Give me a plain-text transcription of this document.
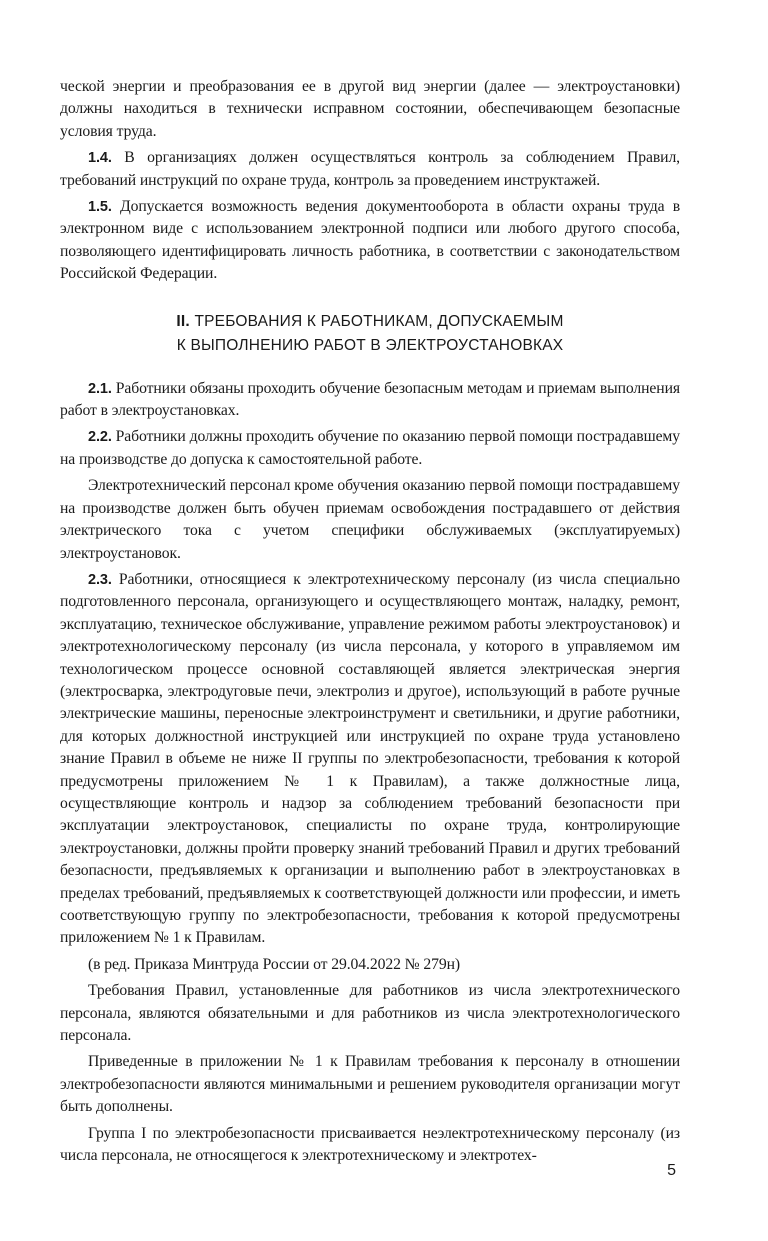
ческой энергии и преобразования ее в другой вид энергии (далее — электроустановки) должны находиться в технически исправном состоянии, обеспечивающем безопасные условия труда.

1.4. В организациях должен осуществляться контроль за соблюдением Правил, требований инструкций по охране труда, контроль за проведением инструктажей.

1.5. Допускается возможность ведения документооборота в области охраны труда в электронном виде с использованием электронной подписи или любого другого способа, позволяющего идентифицировать личность работника, в соответствии с законодательством Российской Федерации.

II. ТРЕБОВАНИЯ К РАБОТНИКАМ, ДОПУСКАЕМЫМ
К ВЫПОЛНЕНИЮ РАБОТ В ЭЛЕКТРОУСТАНОВКАХ

2.1. Работники обязаны проходить обучение безопасным методам и приемам выполнения работ в электроустановках.

2.2. Работники должны проходить обучение по оказанию первой помощи пострадавшему на производстве до допуска к самостоятельной работе.

Электротехнический персонал кроме обучения оказанию первой помощи пострадавшему на производстве должен быть обучен приемам освобождения пострадавшего от действия электрического тока с учетом специфики обслуживаемых (эксплуатируемых) электроустановок.

2.3. Работники, относящиеся к электротехническому персоналу (из числа специально подготовленного персонала, организующего и осуществляющего монтаж, наладку, ремонт, эксплуатацию, техническое обслуживание, управление режимом работы электроустановок) и электротехнологическому персоналу (из числа персонала, у которого в управляемом им технологическом процессе основной составляющей является электрическая энергия (электросварка, электродуговые печи, электролиз и другое), использующий в работе ручные электрические машины, переносные электроинструмент и светильники, и другие работники, для которых должностной инструкцией или инструкцией по охране труда установлено знание Правил в объеме не ниже II группы по электробезопасности, требования к которой предусмотрены приложением № 1 к Правилам), а также должностные лица, осуществляющие контроль и надзор за соблюдением требований безопасности при эксплуатации электроустановок, специалисты по охране труда, контролирующие электроустановки, должны пройти проверку знаний требований Правил и других требований безопасности, предъявляемых к организации и выполнению работ в электроустановках в пределах требований, предъявляемых к соответствующей должности или профессии, и иметь соответствующую группу по электробезопасности, требования к которой предусмотрены приложением № 1 к Правилам.

(в ред. Приказа Минтруда России от 29.04.2022 № 279н)

Требования Правил, установленные для работников из числа электротехнического персонала, являются обязательными и для работников из числа электротехнологического персонала.

Приведенные в приложении № 1 к Правилам требования к персоналу в отношении электробезопасности являются минимальными и решением руководителя организации могут быть дополнены.

Группа I по электробезопасности присваивается неэлектротехническому персоналу (из числа персонала, не относящегося к электротехническому и электротех-

5
